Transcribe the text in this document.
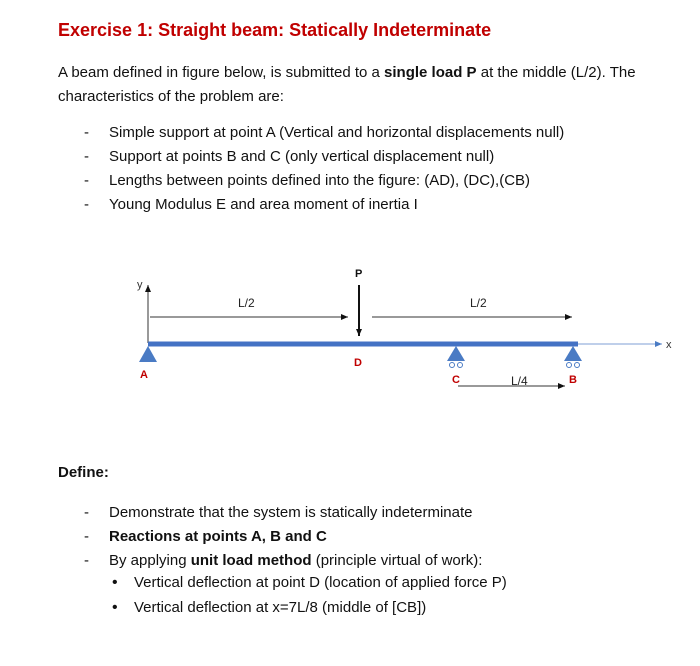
Exercise 1: Straight beam: Statically Indeterminate

A beam defined in figure below, is submitted to a single load P at the middle (L/2). The characteristics of the problem are:

- Simple support at point A (Vertical and horizontal displacements null)
- Support at points B and C (only vertical displacement null)
- Lengths between points defined into the figure: (AD), (DC),(CB)
- Young Modulus E and area moment of inertia I
y
x
L/2	L/2
P
A
D
C	B
L/4

Define:

- Demonstrate that the system is statically indeterminate
- Reactions at points A, B and C
- By applying unit load method (principle virtual of work):
• Vertical deflection at point D (location of applied force P)
• Vertical deflection at x=7L/8 (middle of [CB])
